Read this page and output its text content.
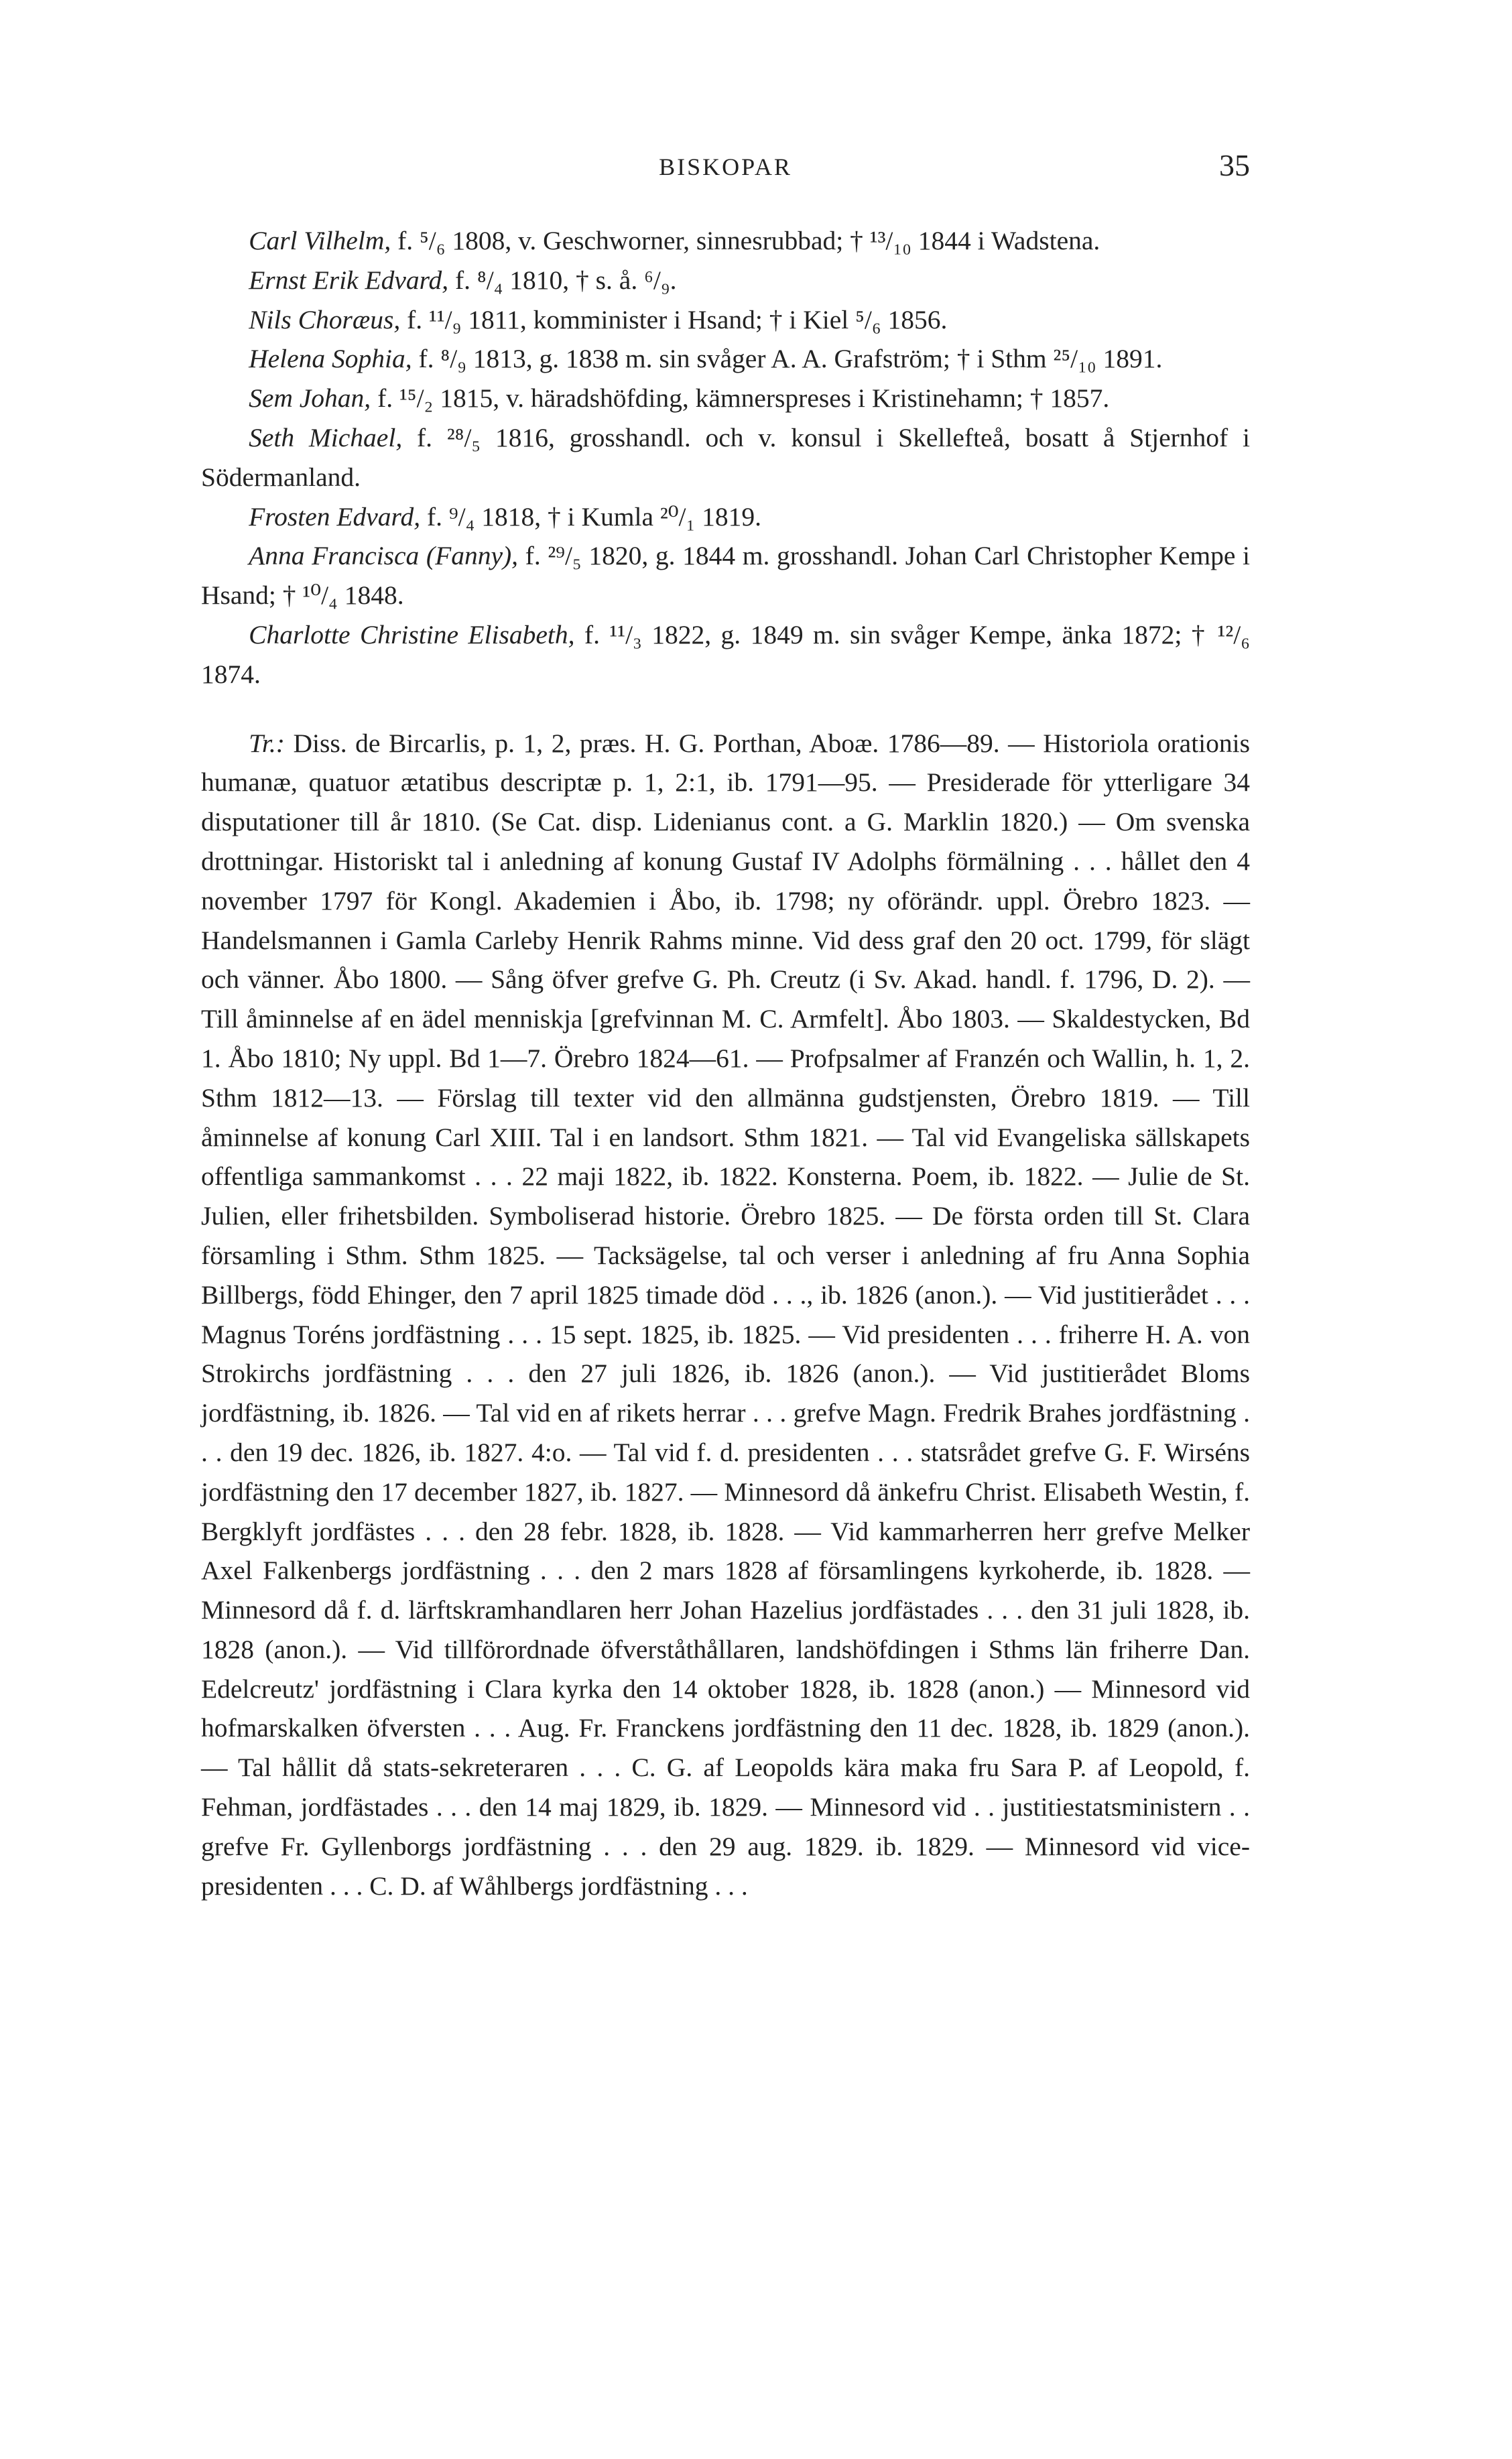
BISKOPAR	35

Carl Vilhelm, f. ⁵/₆ 1808, v. Geschworner, sinnesrubbad; † ¹³/₁₀ 1844 i Wadstena.

Ernst Erik Edvard, f. ⁸/₄ 1810, † s. å. ⁶/₉.

Nils Choræus, f. ¹¹/₉ 1811, komminister i Hsand; † i Kiel ⁵/₆ 1856.

Helena Sophia, f. ⁸/₉ 1813, g. 1838 m. sin svåger A. A. Grafström; † i Sthm ²⁵/₁₀ 1891.

Sem Johan, f. ¹⁵/₂ 1815, v. häradshöfding, kämnerspreses i Kristinehamn; † 1857.

Seth Michael, f. ²⁸/₅ 1816, grosshandl. och v. konsul i Skellefteå, bosatt å Stjernhof i Södermanland.

Frosten Edvard, f. ⁹/₄ 1818, † i Kumla ²⁰/₁ 1819.

Anna Francisca (Fanny), f. ²⁹/₅ 1820, g. 1844 m. grosshandl. Johan Carl Christopher Kempe i Hsand; † ¹⁰/₄ 1848.

Charlotte Christine Elisabeth, f. ¹¹/₃ 1822, g. 1849 m. sin svåger Kempe, änka 1872; † ¹²/₆ 1874.

Tr.: Diss. de Bircarlis, p. 1, 2, præs. H. G. Porthan, Aboæ. 1786—89. — Historiola orationis humanæ, quatuor ætatibus descriptæ p. 1, 2:1, ib. 1791—95. — Presiderade för ytterligare 34 disputationer till år 1810. (Se Cat. disp. Lidenianus cont. a G. Marklin 1820.) — Om svenska drottningar. Historiskt tal i anledning af konung Gustaf IV Adolphs förmälning . . . hållet den 4 november 1797 för Kongl. Akademien i Åbo, ib. 1798; ny oförändr. uppl. Örebro 1823. — Handelsmannen i Gamla Carleby Henrik Rahms minne. Vid dess graf den 20 oct. 1799, för slägt och vänner. Åbo 1800. — Sång öfver grefve G. Ph. Creutz (i Sv. Akad. handl. f. 1796, D. 2). — Till åminnelse af en ädel menniskja [grefvinnan M. C. Armfelt]. Åbo 1803. — Skaldestycken, Bd 1. Åbo 1810; Ny uppl. Bd 1—7. Örebro 1824—61. — Profpsalmer af Franzén och Wallin, h. 1, 2. Sthm 1812—13. — Förslag till texter vid den allmänna gudstjensten, Örebro 1819. — Till åminnelse af konung Carl XIII. Tal i en landsort. Sthm 1821. — Tal vid Evangeliska sällskapets offentliga sammankomst . . . 22 maji 1822, ib. 1822. Konsterna. Poem, ib. 1822. — Julie de St. Julien, eller frihetsbilden. Symboliserad historie. Örebro 1825. — De första orden till St. Clara församling i Sthm. Sthm 1825. — Tacksägelse, tal och verser i anledning af fru Anna Sophia Billbergs, född Ehinger, den 7 april 1825 timade död . . ., ib. 1826 (anon.). — Vid justitierådet . . . Magnus Toréns jordfästning . . . 15 sept. 1825, ib. 1825. — Vid presidenten . . . friherre H. A. von Strokirchs jordfästning . . . den 27 juli 1826, ib. 1826 (anon.). — Vid justitierådet Bloms jordfästning, ib. 1826. — Tal vid en af rikets herrar . . . grefve Magn. Fredrik Brahes jordfästning . . . den 19 dec. 1826, ib. 1827. 4:o. — Tal vid f. d. presidenten . . . statsrådet grefve G. F. Wirséns jordfästning den 17 december 1827, ib. 1827. — Minnesord då änkefru Christ. Elisabeth Westin, f. Bergklyft jordfästes . . . den 28 febr. 1828, ib. 1828. — Vid kammarherren herr grefve Melker Axel Falkenbergs jordfästning . . . den 2 mars 1828 af församlingens kyrkoherde, ib. 1828. — Minnesord då f. d. lärftskramhandlaren herr Johan Hazelius jordfästades . . . den 31 juli 1828, ib. 1828 (anon.). — Vid tillförordnade öfverståthållaren, landshöfdingen i Sthms län friherre Dan. Edelcreutz' jordfästning i Clara kyrka den 14 oktober 1828, ib. 1828 (anon.) — Minnesord vid hofmarskalken öfversten . . . Aug. Fr. Franckens jordfästning den 11 dec. 1828, ib. 1829 (anon.). — Tal hållit då stats-sekreteraren . . . C. G. af Leopolds kära maka fru Sara P. af Leopold, f. Fehman, jordfästades . . . den 14 maj 1829, ib. 1829. — Minnesord vid . . justitiestatsministern . . grefve Fr. Gyllenborgs jordfästning . . . den 29 aug. 1829. ib. 1829. — Minnesord vid vice-presidenten . . . C. D. af Wåhlbergs jordfästning . . .
